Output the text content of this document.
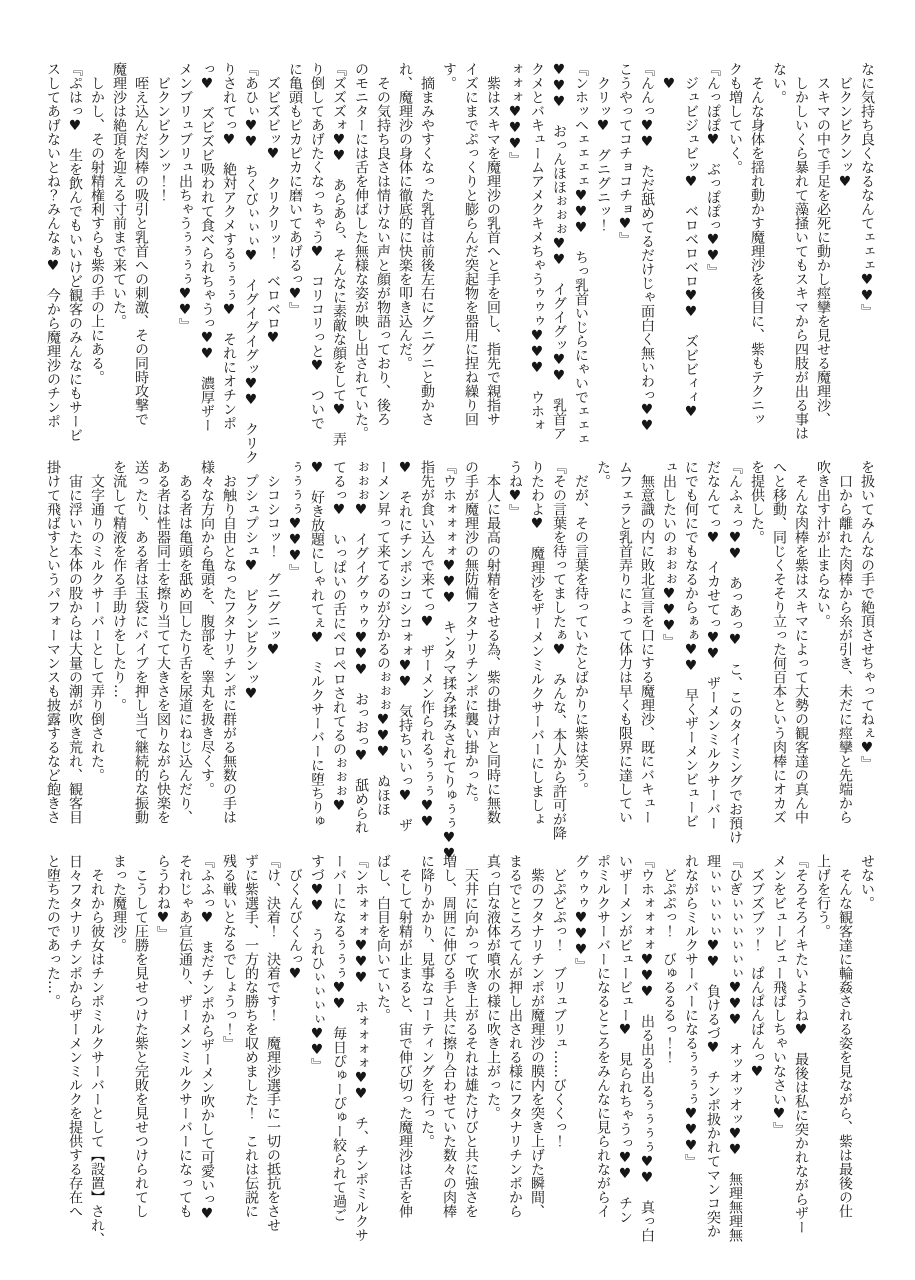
なに気持ち良くなるなんてェェェ♥♥』
　ビクンビクンッ♥
　スキマの中で手足を必死に動かし痙攣を見せる魔理沙、
　しかしいくら暴れて藻掻いてもスキマから四肢が出る事は
ない。
　そんな身体を揺れ動かす魔理沙を後目に、紫もテクニッ
クも増していく。
『んっぽぽ♥　ぶっぽぽっ♥♥』
　ジュビジュビッ♥　ベロベロベロ♥♥　ズビビィィ♥
　♥
『んんっ♥♥　ただ舐めてるだけじゃ面白く無いわっ♥♥
こうやってコチョコチョ♥』
　クリッ♥　グニグニッ！
『ンホッヘェェェェ♥♥♥　ちっ乳首いじらにゃいでェェェ
♥♥♥　おっんほほぉぉぉ♥♥　イグイグッ♥♥　乳首ア
クメとバキュームアメクキメちゃうゥゥゥ♥♥♥　ウホォ
ォォォ♥♥♥』
　紫はスキマを魔理沙の乳首へと手を回し、指先で親指サ
イズにまでぷっくりと膨らんだ突起物を器用に捏ね繰り回
す。
　摘まみやすくなった乳首は前後左右にグニグニと動かさ
れ、魔理沙の身体に徹底的に快楽を叩き込んだ。
　その気持ち良さは情けない声と顔が物語っており、後ろ
のモニターには舌を伸ばした無様な姿が映し出されていた。
『ズズズォ♥♥　あらあら、そんなに素敵な顔をして♥　弄
り倒してあげたくなっちゃう♥　コリコリっと♥　ついで
に亀頭もピカピカに磨いてあげるっ♥』
　ズビズビッ♥　クリクリッ！　ベロベロ♥
『あひぃ♥♥　ちくびぃぃぃ♥　イグイグイグッ♥♥　クリク
りされてっ♥　絶対アクメするぅぅぅ♥　それにオチンポ
っ♥　ズビズビ吸われて食べられちゃうっ♥♥　濃厚ザー
メンブリュブリュ出ちゃうぅぅぅぅ♥♥』
　ビクンビクンッ！！
　咥え込んだ肉棒の吸引と乳首への刺激、その同時攻撃で
魔理沙は絶頂を迎える寸前まで来ていた。
　しかし、その射精権利すらも紫の手の上にある。
『ぷはっ♥　生を飲んでもいいけど観客のみんなにもサービ
スしてあげないとね？みんなぁ♥　今から魔理沙のチンポ
を扱いてみんなの手で絶頂させちゃってねぇ♥』
　口から離れた肉棒から糸が引き、未だに痙攣と先端から
吹き出す汁が止まらない。
　そんな肉棒を紫はスキマによって大勢の観客達の真ん中
へと移動、同じくそそり立った何百本という肉棒にオカズ
を提供した。
『んふぇっ♥♥　あっあっ♥　こ、このタイミングでお預け
だなんてっ♥　イカせてっ♥♥　ザーメンミルクサーバー
にでも何にでもなるからぁぁ♥♥　早くザーメンビュービ
ュ出したいのぉぉぉ♥♥♥』
　無意識の内に敗北宣言を口にする魔理沙、既にバキュー
ムフェラと乳首弄りによって体力は早くも限界に達してい
た。
　だが、その言葉を待っていたとばかりに紫は笑う。
『その言葉を待ってましたぁ♥　みんな、本人から許可が降
りたわよ♥　魔理沙をザーメンミルクサーバーにしましょ
うね♥』
　本人に最高の射精をさせる為、紫の掛け声と同時に無数
の手が魔理沙の無防備フタナリチンポに襲い掛かった。
『ウホォォォォ♥♥♥　キンタマ揉み揉みされてりゅぅぅ♥♥
指先が食い込んで来てっ♥　ザーメン作られるぅぅぅ♥♥
♥　それにチンポシコシコォォ♥♥　気持ちいいっ♥　ザ
ーメン昇って来てるのが分かるのぉぉぉ♥♥♥　ぬほほ
ぉぉぉ♥　イグイグゥゥゥ♥♥♥　おっおっ♥　舐められ
てるっ♥　いっぱいの舌にペロペロされてるのぉぉぉ♥
♥　好き放題にしゃれてぇ♥　ミルクサーバーに堕ちりゅ
ぅぅぅぅ♥♥♥』
　シコシコッ！　グニグニッ♥
　プシュプシュ♥　ビクンビクンッ♥
　お触り自由となったフタナリチンポに群がる無数の手は
様々な方向から亀頭を、腹部を、睾丸を扱き尽くす。
　ある者は亀頭を舐め回したり舌を尿道にねじ込んだり、
ある者は性器同士を擦り当てて大きさを図りながら快楽を
送ったり、ある者は玉袋にバイブを押し当て継続的な振動
を流して精液を作る手助けをしたり…。
　文字通りのミルクサーバーとして弄り倒された。
　宙に浮いた本体の股からは大量の潮が吹き荒れ、観客目
掛けて飛ばすというパフォーマンスも披露するなど飽きさ
せない。
　そんな観客達に輪姦される姿を見ながら、紫は最後の仕
上げを行う。
『そろそろイキたいようね♥　最後は私に突かれながらザー
メンをビュービュー飛ばしちゃいなさい♥』
　ズブズブッ！　ぱんぱんぱんっ♥
『ひぎぃぃぃぃぃぃ♥♥♥　オッオッオッ♥♥　無理無理無
理ぃぃぃぃぃ♥♥　負けるづ♥　チンポ扱かれてマンコ突か
れながらミルクサーバーになるぅぅぅぅ♥♥♥』
　どぷぷっ！　びゅるるるっ！！
『ウホォォォォ♥♥♥　出る出る出るぅぅぅぅ♥♥　真っ白
いザーメンがビュービュー♥　見られちゃうっ♥♥　チン
ポミルクサーバーになるところをみんなに見られながらイ
グゥゥゥ♥♥♥』
　どぷどぷっ！　ブリュブリュ……びくくっ！
　紫のフタナリチンポが魔理沙の膜内を突き上げた瞬間、
まるでところてんが押し出される様にフタナリチンポから
真っ白な液体が噴水の様に吹き上がった。
　天井に向かって吹き上がるそれは雄たけびと共に強さを
増し、周囲に伸びる手と共に擦り合わせていた数々の肉棒
に降りかかり、見事なコーティングを行った。
　そして射精が止まると、宙で伸び切った魔理沙は舌を伸
ばし、白目を向いていた。
『ンホォォォ♥♥♥　ホォォォォ♥♥　チ、チンポミルクサ
ーバーになるぅぅぅ♥♥　毎日ぴゅーぴゅー絞られて過ご
すづ♥♥　うれひぃぃぃぃ♥♥』
　びくんびくんっ♥
『け、決着！　決着です！　魔理沙選手に一切の抵抗をさせ
ずに紫選手、一方的な勝ちを収めました！　これは伝説に
残る戦いとなるでしょうっ！』
『ふふっ♥　まだチンポからザーメン吹かして可愛いっ♥
それじゃあ宣伝通り、ザーメンミルクサーバーになっても
らうわね♥』
　こうして圧勝を見せつけた紫と完敗を見せつけられてし
まった魔理沙。
　それから彼女はチンポミルクサーバーとして【設置】され、
日々フタナリチンポからザーメンミルクを提供する存在へ
と堕ちたのであった…。
